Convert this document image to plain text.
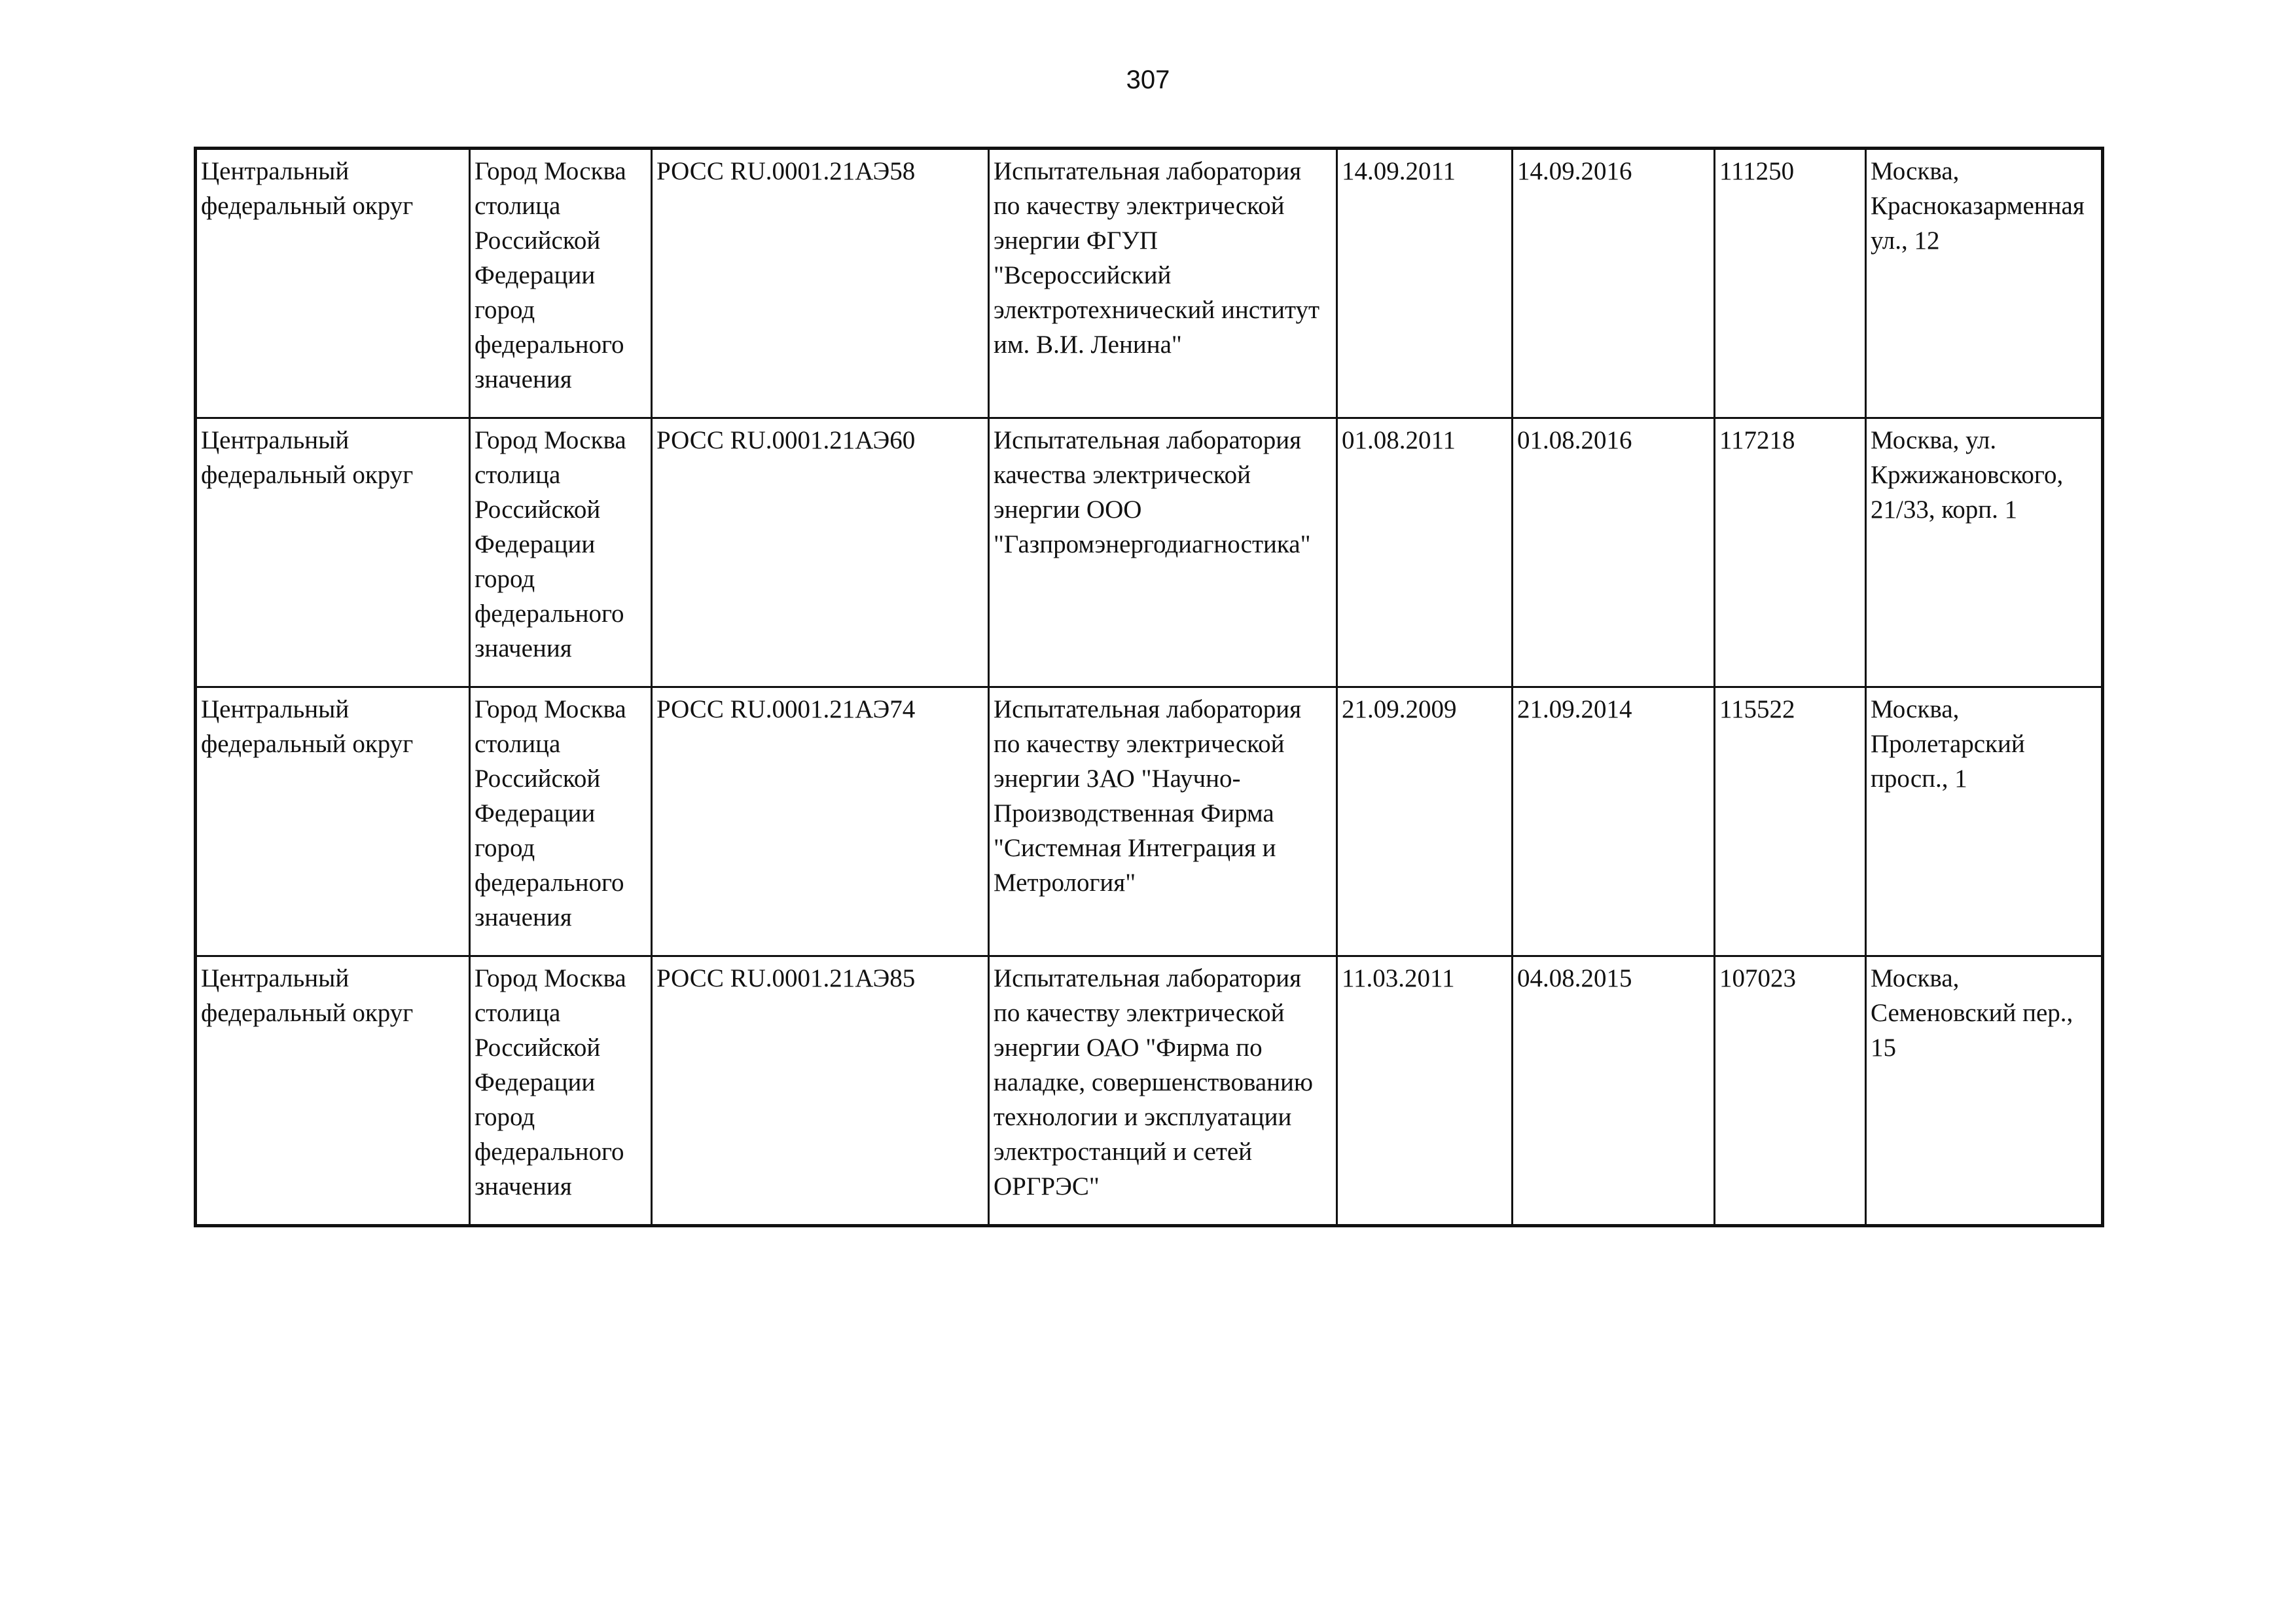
307
Центральный федеральный округ	Город Москва столица Российской Федерации город федерального значения	РОСС RU.0001.21АЭ58	Испытательная лаборатория по качеству электрической энергии ФГУП "Всероссийский электротехнический институт им. В.И. Ленина"	14.09.2011	14.09.2016	111250	Москва, Красноказарменная ул., 12

Центральный федеральный округ	Город Москва столица Российской Федерации город федерального значения	РОСС RU.0001.21АЭ60	Испытательная лаборатория качества электрической энергии ООО "Газпромэнергодиагностика"	01.08.2011	01.08.2016	117218	Москва, ул. Кржижановского, 21/33, корп. 1

Центральный федеральный округ	Город Москва столица Российской Федерации город федерального значения	РОСС RU.0001.21АЭ74	Испытательная лаборатория по качеству электрической энергии ЗАО "Научно-Производственная Фирма "Системная Интеграция и Метрология"	21.09.2009	21.09.2014	115522	Москва, Пролетарский просп., 1

Центральный федеральный округ	Город Москва столица Российской Федерации город федерального значения	РОСС RU.0001.21АЭ85	Испытательная лаборатория по качеству электрической энергии ОАО "Фирма по наладке, совершенствованию технологии и эксплуатации электростанций и сетей ОРГРЭС"	11.03.2011	04.08.2015	107023	Москва, Семеновский пер., 15
